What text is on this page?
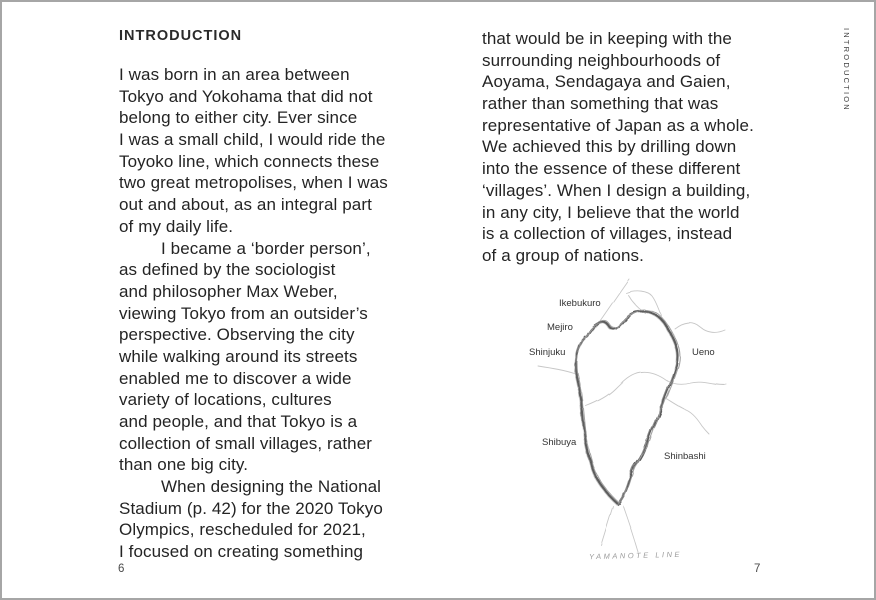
INTRODUCTION
I was born in an area between
Tokyo and Yokohama that did not
belong to either city. Ever since
I was a small child, I would ride the
Toyoko line, which connects these
two great metropolises, when I was
out and about, as an integral part
of my daily life.
I became a ‘border person’,
as defined by the sociologist
and philosopher Max Weber,
viewing Tokyo from an outsider’s
perspective. Observing the city
while walking around its streets
enabled me to discover a wide
variety of locations, cultures
and people, and that Tokyo is a
collection of small villages, rather
than one big city.
When designing the National
Stadium (p. 42) for the 2020 Tokyo
Olympics, rescheduled for 2021,
I focused on creating something
6
that would be in keeping with the
surrounding neighbourhoods of
Aoyama, Sendagaya and Gaien,
rather than something that was
representative of Japan as a whole.
We achieved this by drilling down
into the essence of these different
‘villages’. When I design a building,
in any city, I believe that the world
is a collection of villages, instead
of a group of nations.
Ikebukuro
Mejiro
Shinjuku	Ueno
Shibuya
Shinbashi
YAMANOTE LINE
INTRODUCTION
7
